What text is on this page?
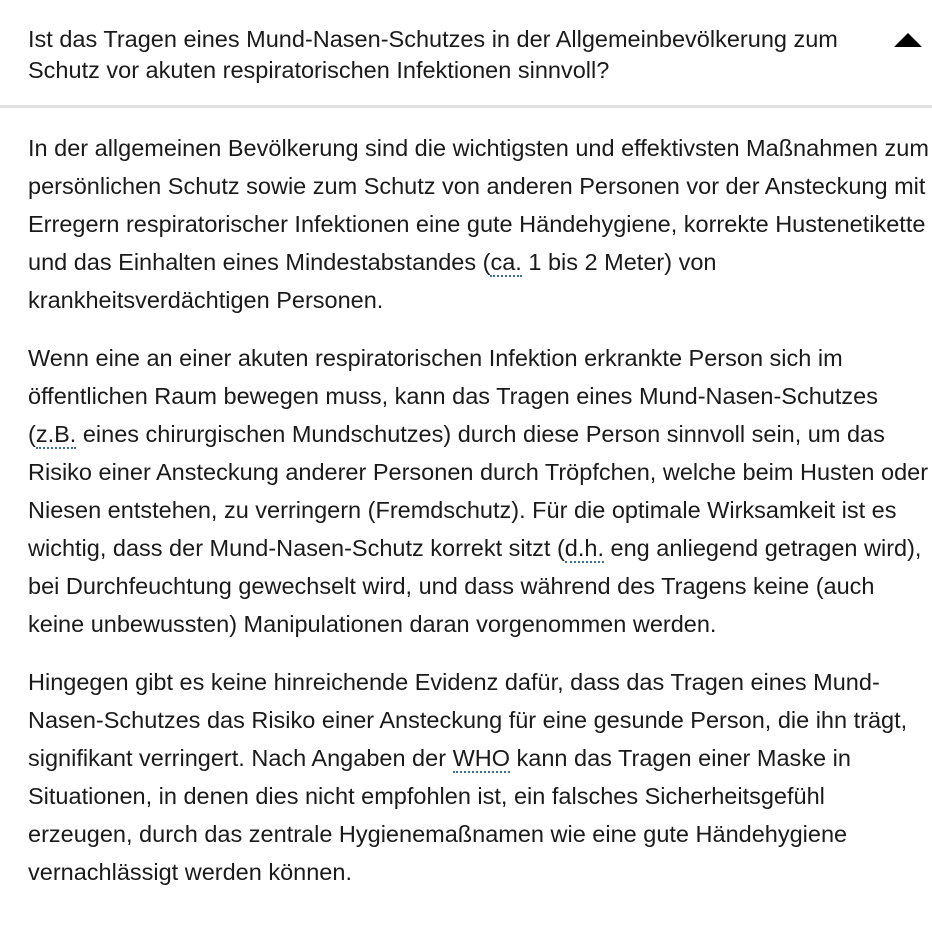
Ist das Tragen eines Mund-Nasen-Schutzes in der Allgemeinbevölkerung zum Schutz vor akuten respiratorischen Infektionen sinnvoll?

In der allgemeinen Bevölkerung sind die wichtigsten und effektivsten Maßnahmen zum persönlichen Schutz sowie zum Schutz von anderen Personen vor der Ansteckung mit Erregern respiratorischer Infektionen eine gute Händehygiene, korrekte Hustenetikette und das Einhalten eines Mindestabstandes (ca. 1 bis 2 Meter) von krankheitsverdächtigen Personen.

Wenn eine an einer akuten respiratorischen Infektion erkrankte Person sich im öffentlichen Raum bewegen muss, kann das Tragen eines Mund-Nasen-Schutzes (z.B. eines chirurgischen Mundschutzes) durch diese Person sinnvoll sein, um das Risiko einer Ansteckung anderer Personen durch Tröpfchen, welche beim Husten oder Niesen entstehen, zu verringern (Fremdschutz). Für die optimale Wirksamkeit ist es wichtig, dass der Mund-Nasen-Schutz korrekt sitzt (d.h. eng anliegend getragen wird), bei Durchfeuchtung gewechselt wird, und dass während des Tragens keine (auch keine unbewussten) Manipulationen daran vorgenommen werden.

Hingegen gibt es keine hinreichende Evidenz dafür, dass das Tragen eines Mund-Nasen-Schutzes das Risiko einer Ansteckung für eine gesunde Person, die ihn trägt, signifikant verringert. Nach Angaben der WHO kann das Tragen einer Maske in Situationen, in denen dies nicht empfohlen ist, ein falsches Sicherheitsgefühl erzeugen, durch das zentrale Hygienemaßnamen wie eine gute Händehygiene vernachlässigt werden können.
